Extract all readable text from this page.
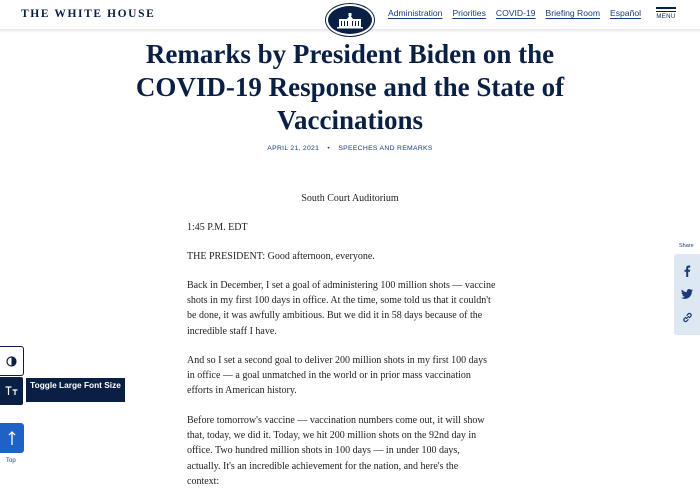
THE WHITE HOUSE	Administration Priorities COVID-19 Briefing Room Español	MENU
Remarks by President Biden on the
COVID-19 Response and the State of
Vaccinations
APRIL 21, 2021 • SPEECHES AND REMARKS
South Court Auditorium
1:45 P.M. EDT
THE PRESIDENT: Good afternoon, everyone.
Back in December, I set a goal of administering 100 million shots — vaccine
shots in my first 100 days in office. At the time, some told us that it couldn't
be done, it was awfully ambitious. But we did it in 58 days because of the
incredible staff I have.
And so I set a second goal to deliver 200 million shots in my first 100 days
in office — a goal unmatched in the world or in prior mass vaccination
efforts in American history.
Before tomorrow's vaccine — vaccination numbers come out, it will show
that, today, we did it. Today, we hit 200 million shots on the 92nd day in
office. Two hundred million shots in 100 days — in under 100 days,
actually. It's an incredible achievement for the nation, and here's the
context:
Share
Toggle Large Font Size
Top
